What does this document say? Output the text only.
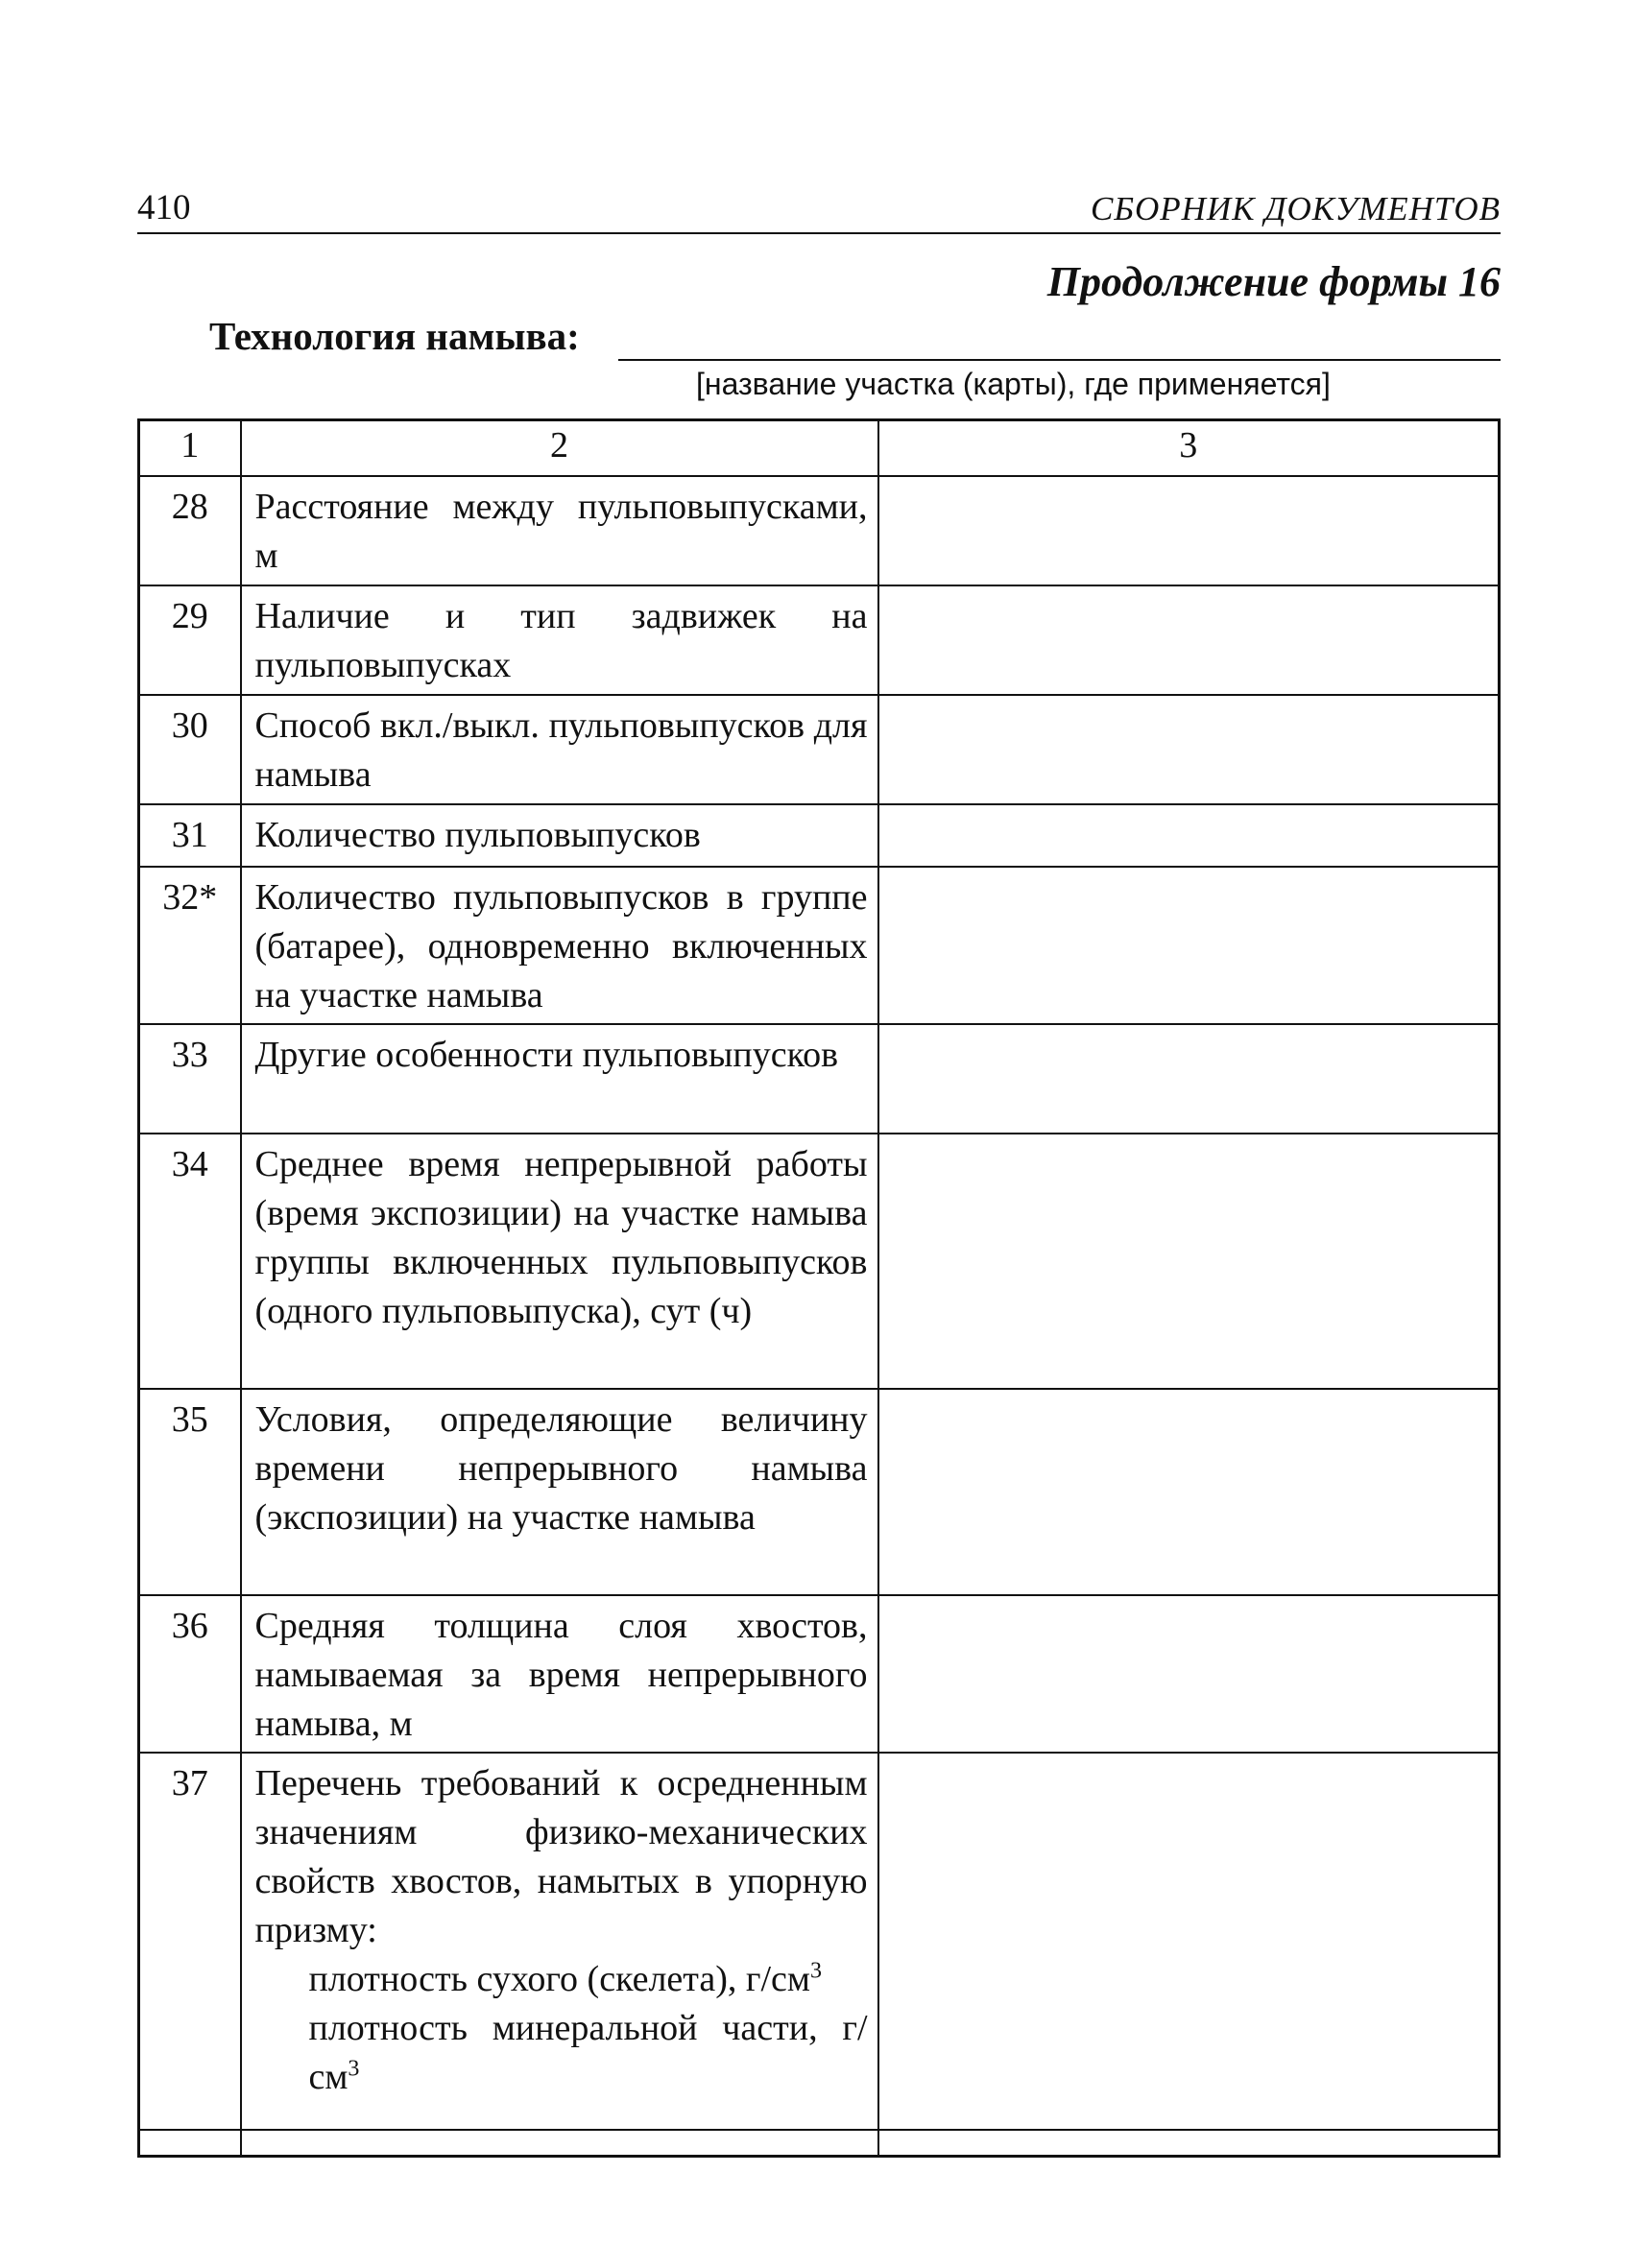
410	СБОРНИК ДОКУМЕНТОВ
Продолжение формы 16
Технология намыва:
[название участка (карты), где применяется]
1	2	3
28	Расстояние между пульповыпусками, м	
29	Наличие и тип задвижек на пульповыпусках	
30	Способ вкл./выкл. пульповыпусков для намыва	
31	Количество пульповыпусков	
32*	Количество пульповыпусков в группе (батарее), одновременно включенных на участке намыва	
33	Другие особенности пульповыпусков	
34	Среднее время непрерывной работы (время экспозиции) на участке намыва группы включенных пульповыпусков (одного пульповыпуска), сут (ч)	
35	Условия, определяющие величину времени непрерывного намыва (экспозиции) на участке намыва	
36	Средняя толщина слоя хвостов, намываемая за время непрерывного намыва, м	
37	Перечень требований к осредненным значениям физико-механических свойств хвостов, намытых в упорную призму:
плотность сухого (скелета), $г/см^3$
плотность минеральной части, $г/см^3$
